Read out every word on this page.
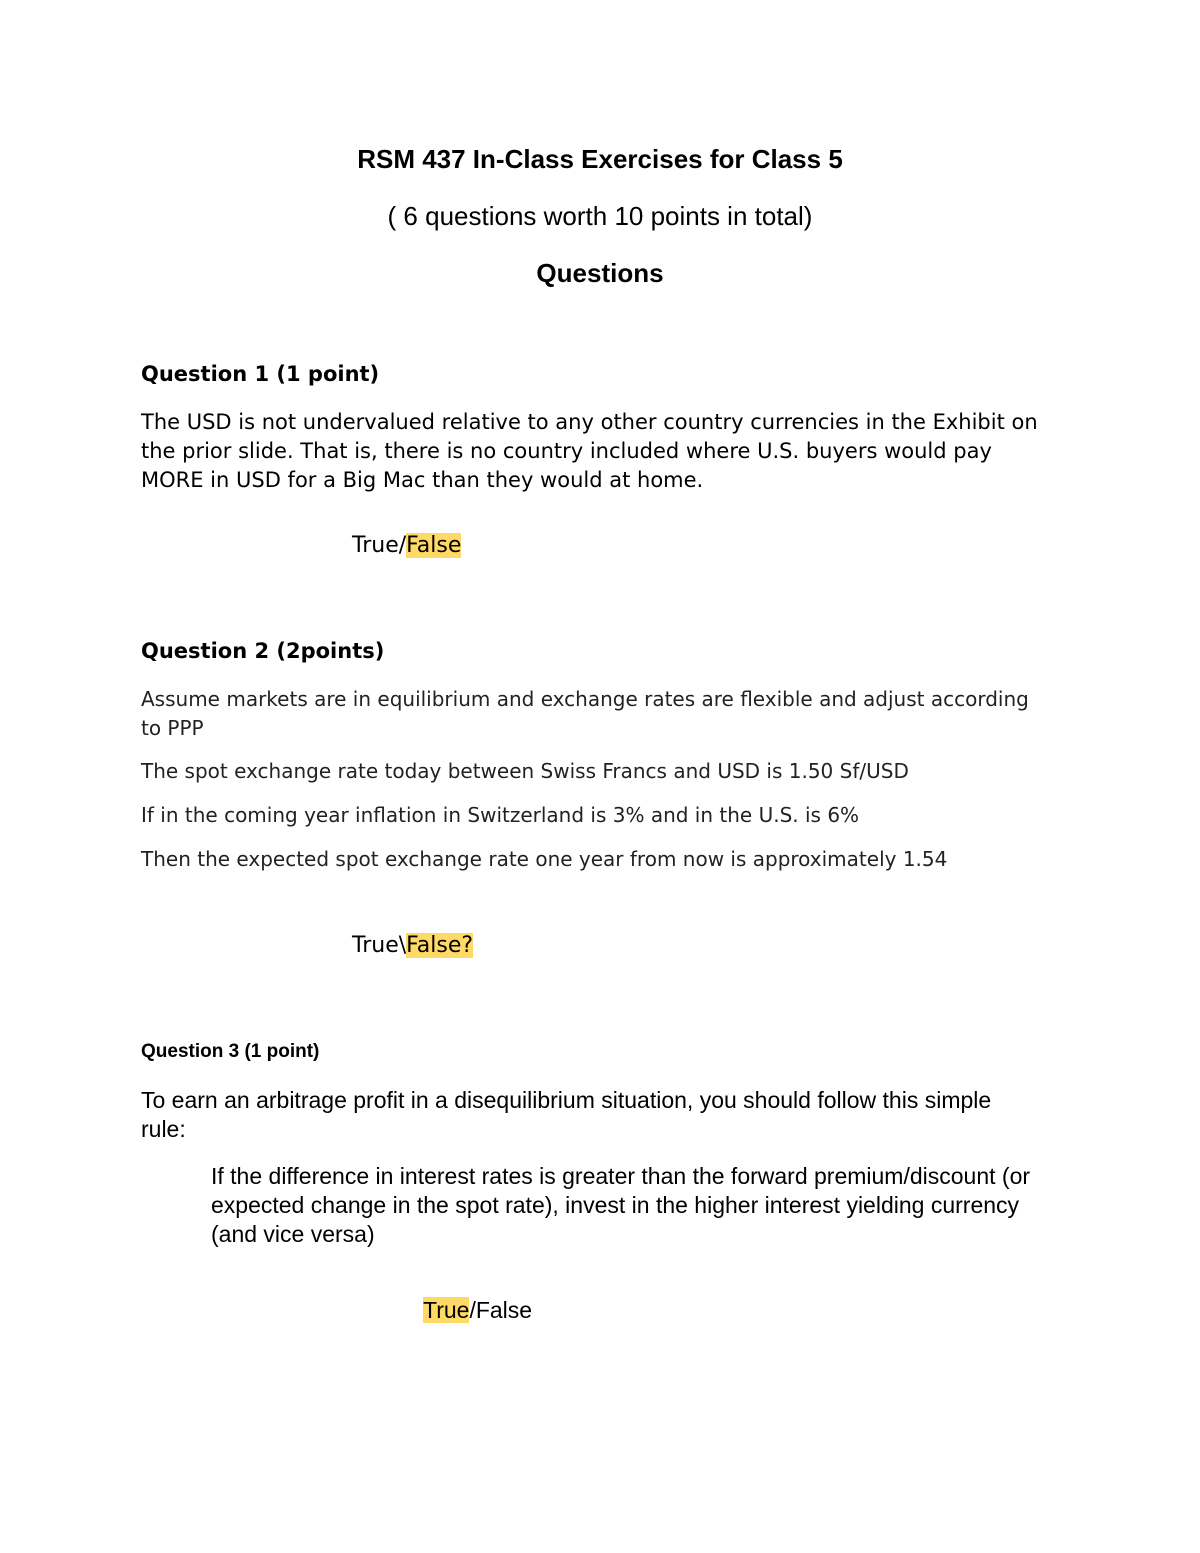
RSM 437 In-Class Exercises for Class 5

( 6 questions worth 10 points in total)

Questions

Question 1 (1 point)

The USD is not undervalued relative to any other country currencies in the Exhibit on the prior slide. That is, there is no country included where U.S. buyers would pay MORE in USD for a Big Mac than they would at home.

True/False

Question 2 (2points)

Assume markets are in equilibrium and exchange rates are flexible and adjust according to PPP

The spot exchange rate today between Swiss Francs and USD is 1.50 Sf/USD

If in the coming year inflation in Switzerland is 3% and in the U.S. is 6%

Then the expected spot exchange rate one year from now is approximately 1.54

True\False?

Question 3 (1 point)

To earn an arbitrage profit in a disequilibrium situation, you should follow this simple rule:

If the difference in interest rates is greater than the forward premium/discount (or expected change in the spot rate), invest in the higher interest yielding currency (and vice versa)

True/False
